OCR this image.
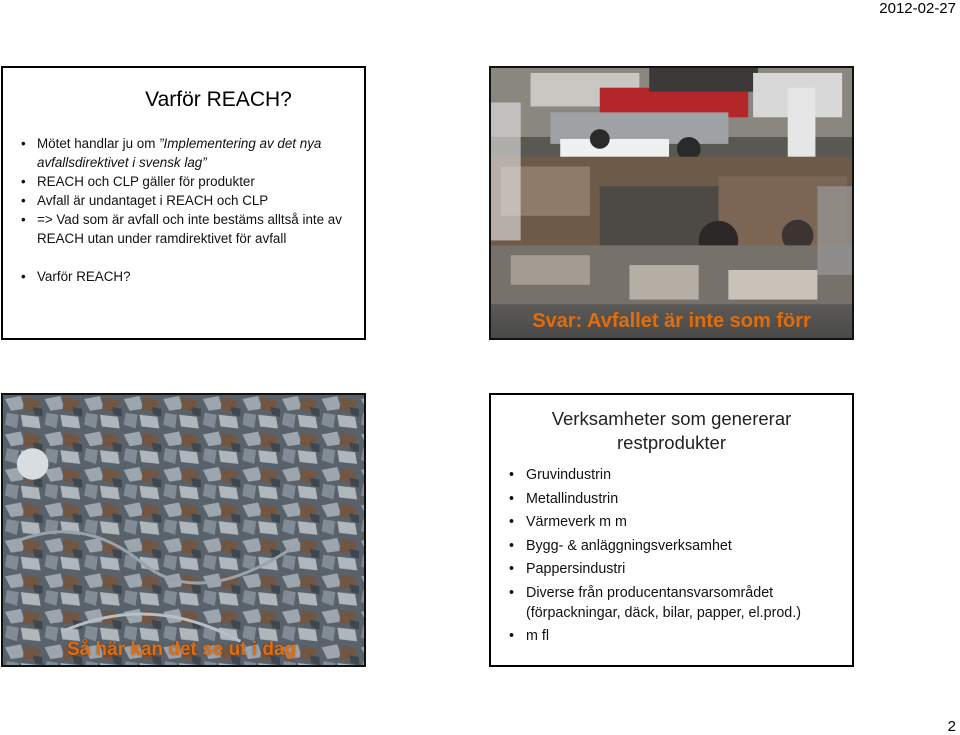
2012-02-27
Varför REACH?
• Mötet handlar ju om ”Implementering av det nya avfallsdirektivet i svensk lag”
• REACH och CLP gäller för produkter
• Avfall är undantaget i REACH och CLP
• => Vad som är avfall och inte bestäms alltså inte av REACH utan under ramdirektivet för avfall
• Varför REACH?
Svar: Avfallet är inte som förr
Så här kan det se ut i dag
Verksamheter som genererar
restprodukter
• Gruvindustrin
• Metallindustrin
• Värmeverk m m
• Bygg- & anläggningsverksamhet
• Pappersindustri
• Diverse från producentansvarsområdet
(förpackningar, däck, bilar, papper, el.prod.)
• m fl
2
